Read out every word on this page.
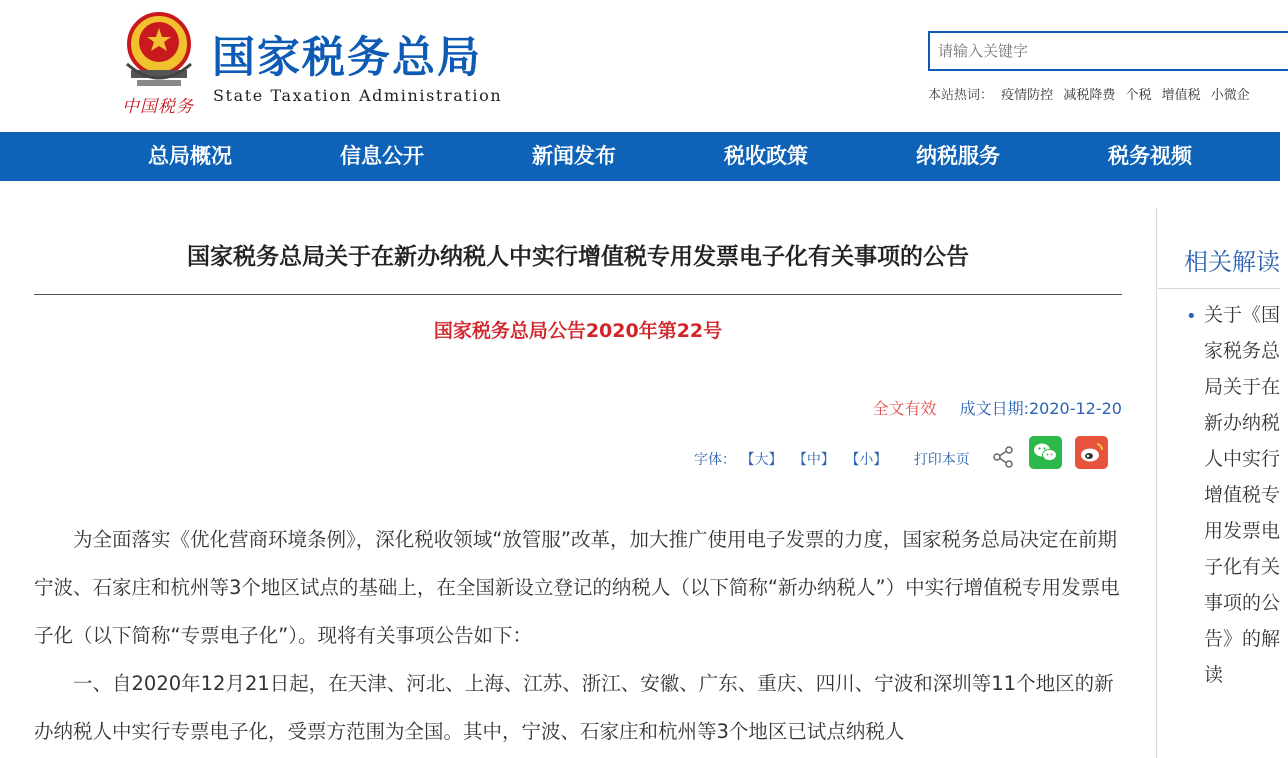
中国税务
国家税务总局
State Taxation Administration
请输入关键字	本站热词： 疫情防控 减税降费 个税 增值税 小微企
总局概况	信息公开	新闻发布	税收政策	纳税服务	税务视频
国家税务总局关于在新办纳税人中实行增值税专用发票电子化有关事项的公告
国家税务总局公告2020年第22号
全文有效 成文日期:2020-12-20
字体： 【大】 【中】 【小】 打印本页
为全面落实《优化营商环境条例》，深化税收领域“放管服”改革，加大推广使用电子发票的力度，国家税务总局决定在前期宁波、石家庄和杭州等3个地区试点的基础上，在全国新设立登记的纳税人（以下简称“新办纳税人”）中实行增值税专用发票电子化（以下简称“专票电子化”）。现将有关事项公告如下：
一、自2020年12月21日起，在天津、河北、上海、江苏、浙江、安徽、广东、重庆、四川、宁波和深圳等11个地区的新办纳税人中实行专票电子化，受票方范围为全国。其中，宁波、石家庄和杭州等3个地区已试点纳税人
相关解读
• 关于《国家税务总局关于在新办纳税人中实行增值税专用发票电子化有关事项的公告》的解读
